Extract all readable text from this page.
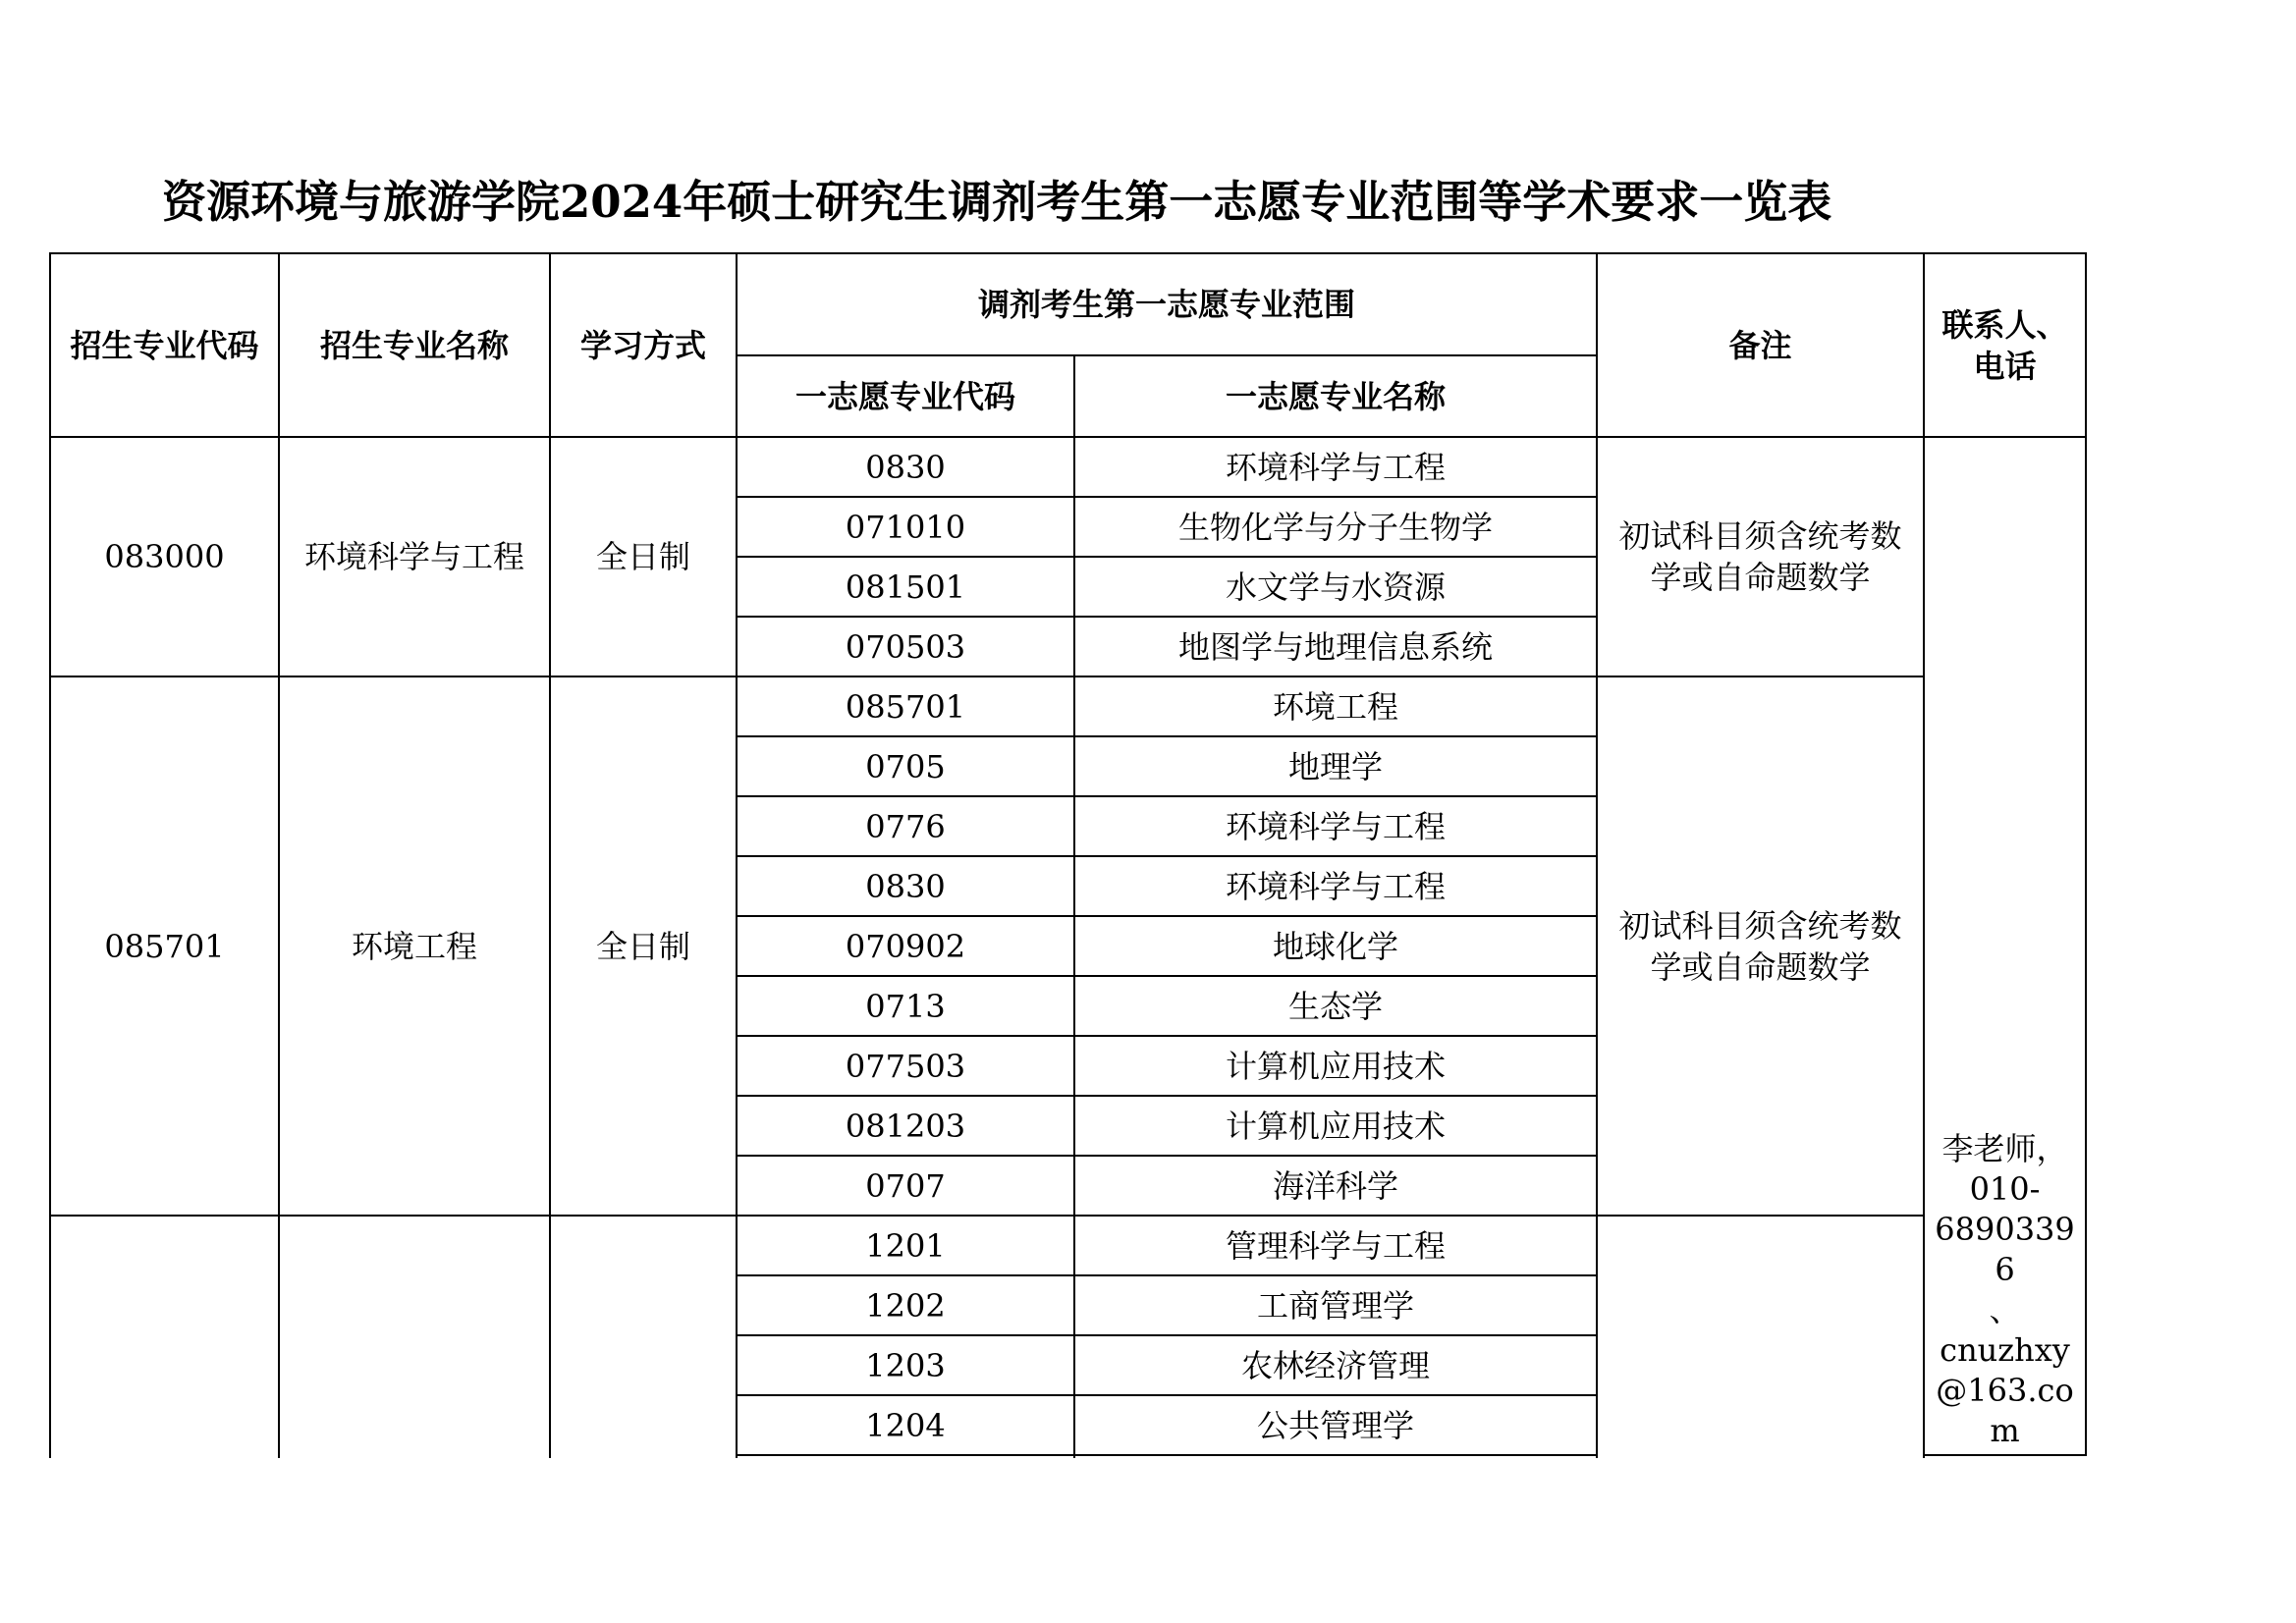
资源环境与旅游学院2024年硕士研究生调剂考生第一志愿专业范围等学术要求一览表
招生专业代码	招生专业名称	学习方式	调剂考生第一志愿专业范围		备注	联系人、电话
			一志愿专业代码	一志愿专业名称		
083000	环境科学与工程	全日制	0830	环境科学与工程	初试科目须含统考数学或自命题数学	李老师，
010-
68903396
、
cnuzhxy@163.com

			071010	生物化学与分子生物学		
			081501	水文学与水资源		
			070503	地图学与地理信息系统		
085701	环境工程	全日制	085701	环境工程	初试科目须含统考数学或自命题数学	
			0705	地理学		
			0776	环境科学与工程		
			0830	环境科学与工程		
			070902	地球化学		
			0713	生态学		
			077503	计算机应用技术		
			081203	计算机应用技术		
			0707	海洋科学		
			1201	管理科学与工程		
			1202	工商管理学		
			1203	农林经济管理		
			1204	公共管理学		
